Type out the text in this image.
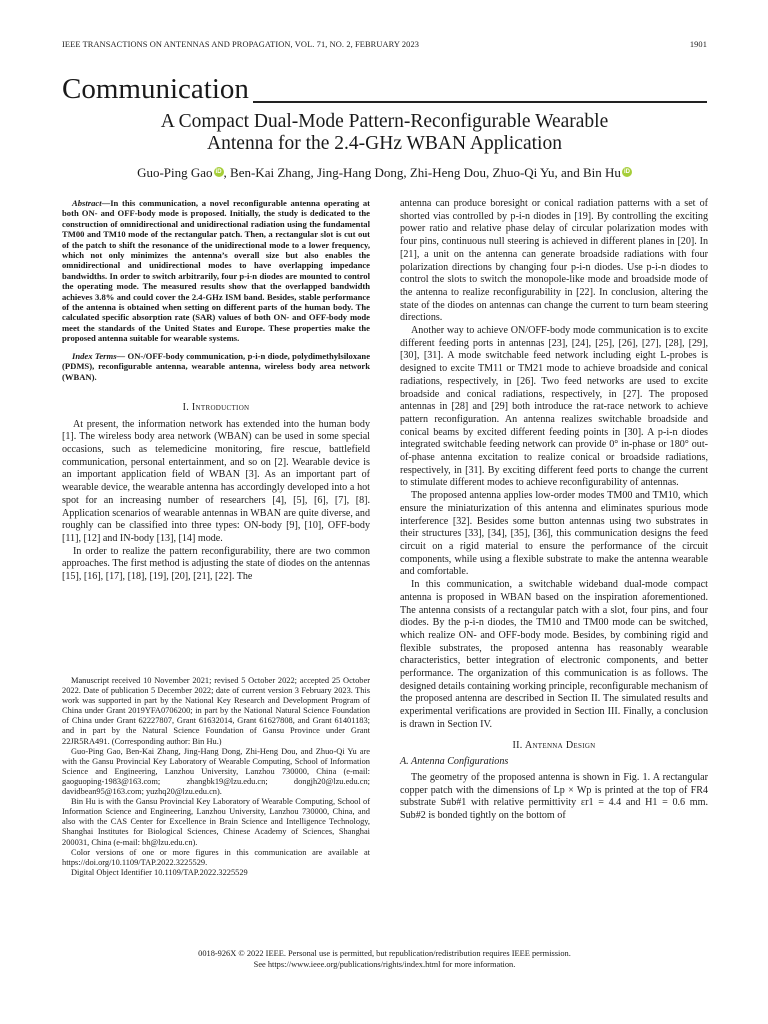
IEEE TRANSACTIONS ON ANTENNAS AND PROPAGATION, VOL. 71, NO. 2, FEBRUARY 2023	1901
Communication
A Compact Dual-Mode Pattern-Reconfigurable Wearable
Antenna for the 2.4-GHz WBAN Application
Guo-Ping Gao iD , Ben-Kai Zhang, Jing-Hang Dong, Zhi-Heng Dou, Zhuo-Qi Yu, and Bin Hu iD

Abstract—In this communication, a novel reconfigurable antenna operating at both ON- and OFF-body mode is proposed. Initially, the study is dedicated to the construction of omnidirectional and unidirectional radiation using the fundamental TM00 and TM10 mode of the rectangular patch. Then, a rectangular slot is cut out of the patch to shift the resonance of the unidirectional mode to a lower frequency, which not only minimizes the antenna’s overall size but also enables the omnidirectional and unidirectional modes to have overlapping impedance bandwidths. In order to switch arbitrarily, four p-i-n diodes are mounted to control the operating mode. The measured results show that the overlapped bandwidth achieves 3.8% and could cover the 2.4-GHz ISM band. Besides, stable performance of the antenna is obtained when setting on different parts of the human body. The calculated specific absorption rate (SAR) values of both ON- and OFF-body mode meet the standards of the United States and Europe. These properties make the proposed antenna suitable for wearable systems.

Index Terms— ON-/OFF-body communication, p-i-n diode, polydimethylsiloxane (PDMS), reconfigurable antenna, wearable antenna, wireless body area network (WBAN).

I. Introduction

At present, the information network has extended into the human body [1]. The wireless body area network (WBAN) can be used in some special occasions, such as telemedicine monitoring, fire rescue, battlefield communication, personal entertainment, and so on [2]. Wearable device is an important application field of WBAN [3]. As an important part of wearable device, the wearable antenna has accordingly developed into a hot spot for an increasing number of researchers [4], [5], [6], [7], [8]. Application scenarios of wearable antennas in WBAN are quite diverse, and roughly can be classified into three types: ON-body [9], [10], OFF-body [11], [12] and IN-body [13], [14] mode.

In order to realize the pattern reconfigurability, there are two common approaches. The first method is adjusting the state of diodes on the antennas [15], [16], [17], [18], [19], [20], [21], [22]. The

Manuscript received 10 November 2021; revised 5 October 2022; accepted 25 October 2022. Date of publication 5 December 2022; date of current version 3 February 2023. This work was supported in part by the National Key Research and Development Program of China under Grant 2019YFA0706200; in part by the National Natural Science Foundation of China under Grant 62227807, Grant 61632014, Grant 61627808, and Grant 61401183; and in part by the Natural Science Foundation of Gansu Province under Grant 22JR5RA491. (Corresponding author: Bin Hu.)

Guo-Ping Gao, Ben-Kai Zhang, Jing-Hang Dong, Zhi-Heng Dou, and Zhuo-Qi Yu are with the Gansu Provincial Key Laboratory of Wearable Computing, School of Information Science and Engineering, Lanzhou University, Lanzhou 730000, China (e-mail: gaoguoping-1983@163.com; zhangbk19@lzu.edu.cn; dongjh20@lzu.edu.cn; davidbean95@163.com; yuzhq20@lzu.edu.cn).

Bin Hu is with the Gansu Provincial Key Laboratory of Wearable Computing, School of Information Science and Engineering, Lanzhou University, Lanzhou 730000, China, and also with the CAS Center for Excellence in Brain Science and Intelligence Technology, Shanghai Institutes for Biological Sciences, Chinese Academy of Sciences, Shanghai 200031, China (e-mail: bh@lzu.edu.cn).

Color versions of one or more figures in this communication are available at https://doi.org/10.1109/TAP.2022.3225529.

Digital Object Identifier 10.1109/TAP.2022.3225529

antenna can produce boresight or conical radiation patterns with a set of shorted vias controlled by p-i-n diodes in [19]. By controlling the exciting power ratio and relative phase delay of circular polarization modes with four pins, continuous null steering is achieved in different planes in [20]. In [21], a unit on the antenna can generate broadside radiations with four polarization directions by changing four p-i-n diodes. Use p-i-n diodes to control the slots to switch the monopole-like mode and broadside mode of the antenna to realize reconfigurability in [22]. In conclusion, altering the state of the diodes on antennas can change the current to turn beam steering directions.

Another way to achieve ON/OFF-body mode communication is to excite different feeding ports in antennas [23], [24], [25], [26], [27], [28], [29], [30], [31]. A mode switchable feed network including eight L-probes is designed to excite TM11 or TM21 mode to achieve broadside and conical radiations, respectively, in [26]. Two feed networks are used to excite broadside and conical radiations, respectively, in [27]. The proposed antennas in [28] and [29] both introduce the rat-race network to achieve pattern reconfiguration. An antenna realizes switchable broadside and conical beams by excited different feeding points in [30]. A p-i-n diodes integrated switchable feeding network can provide 0° in-phase or 180° out-of-phase antenna excitation to realize conical or broadside radiations, respectively, in [31]. By exciting different feed ports to change the current to stimulate different modes to achieve reconfigurability of antennas.

The proposed antenna applies low-order modes TM00 and TM10, which ensure the miniaturization of this antenna and eliminates spurious mode interference [32]. Besides some button antennas using two substrates in their structures [33], [34], [35], [36], this communication designs the feed circuit on a rigid material to ensure the performance of the circuit components, while using a flexible substrate to make the antenna wearable and comfortable.

In this communication, a switchable wideband dual-mode compact antenna is proposed in WBAN based on the inspiration aforementioned. The antenna consists of a rectangular patch with a slot, four pins, and four diodes. By the p-i-n diodes, the TM10 and TM00 mode can be switched, which realize ON- and OFF-body mode. Besides, by combining rigid and flexible substrates, the proposed antenna has reasonably wearable characteristics, better integration of electronic components, and better performance. The organization of this communication is as follows. The designed details containing working principle, reconfigurable mechanism of the proposed antenna are described in Section II. The simulated results and experimental verifications are provided in Section III. Finally, a conclusion is drawn in Section IV.

II. Antenna Design
A. Antenna Configurations

The geometry of the proposed antenna is shown in Fig. 1. A rectangular copper patch with the dimensions of Lp × Wp is printed at the top of FR4 substrate Sub#1 with relative permittivity εr1 = 4.4 and H1 = 0.6 mm. Sub#2 is bonded tightly on the bottom of

0018-926X © 2022 IEEE. Personal use is permitted, but republication/redistribution requires IEEE permission.
See https://www.ieee.org/publications/rights/index.html for more information.
